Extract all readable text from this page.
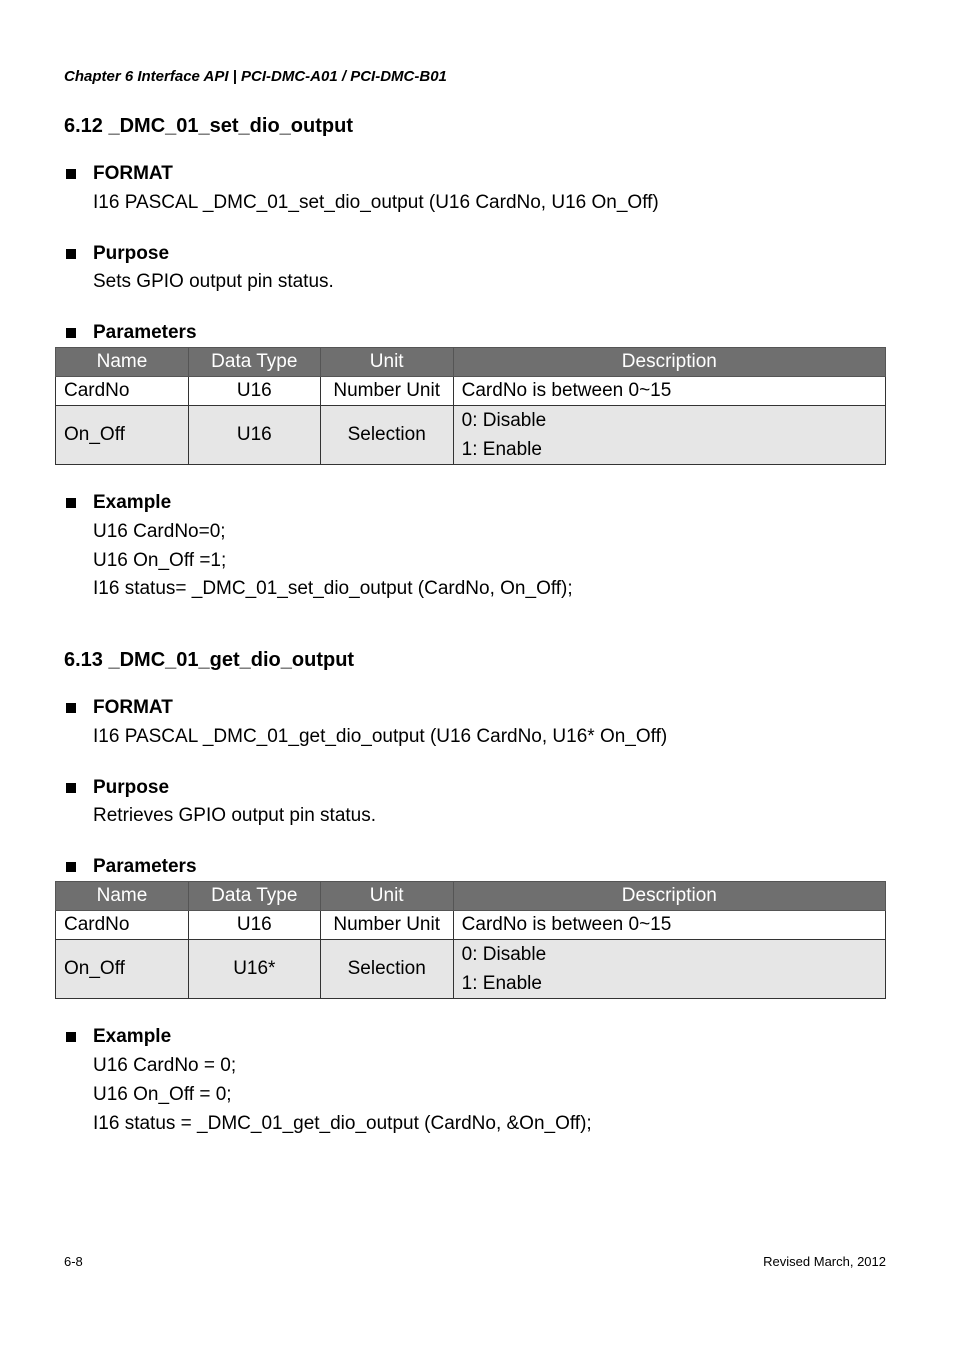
Chapter 6 Interface API | PCI-DMC-A01 / PCI-DMC-B01
6.12 _DMC_01_set_dio_output
FORMAT
I16 PASCAL _DMC_01_set_dio_output (U16 CardNo, U16 On_Off)
Purpose
Sets GPIO output pin status.
Parameters
Name	Data Type	Unit	Description
CardNo	U16	Number Unit	CardNo is between 0~15
On_Off	U16	Selection	0: Disable
1: Enable
Example
U16 CardNo=0;
U16 On_Off =1;
I16 status= _DMC_01_set_dio_output (CardNo, On_Off);
6.13 _DMC_01_get_dio_output
FORMAT
I16 PASCAL _DMC_01_get_dio_output (U16 CardNo, U16* On_Off)
Purpose
Retrieves GPIO output pin status.
Parameters
Name	Data Type	Unit	Description
CardNo	U16	Number Unit	CardNo is between 0~15
On_Off	U16*	Selection	0: Disable
1: Enable
Example
U16 CardNo = 0;
U16 On_Off = 0;
I16 status = _DMC_01_get_dio_output (CardNo, &On_Off);
6-8	Revised March, 2012
